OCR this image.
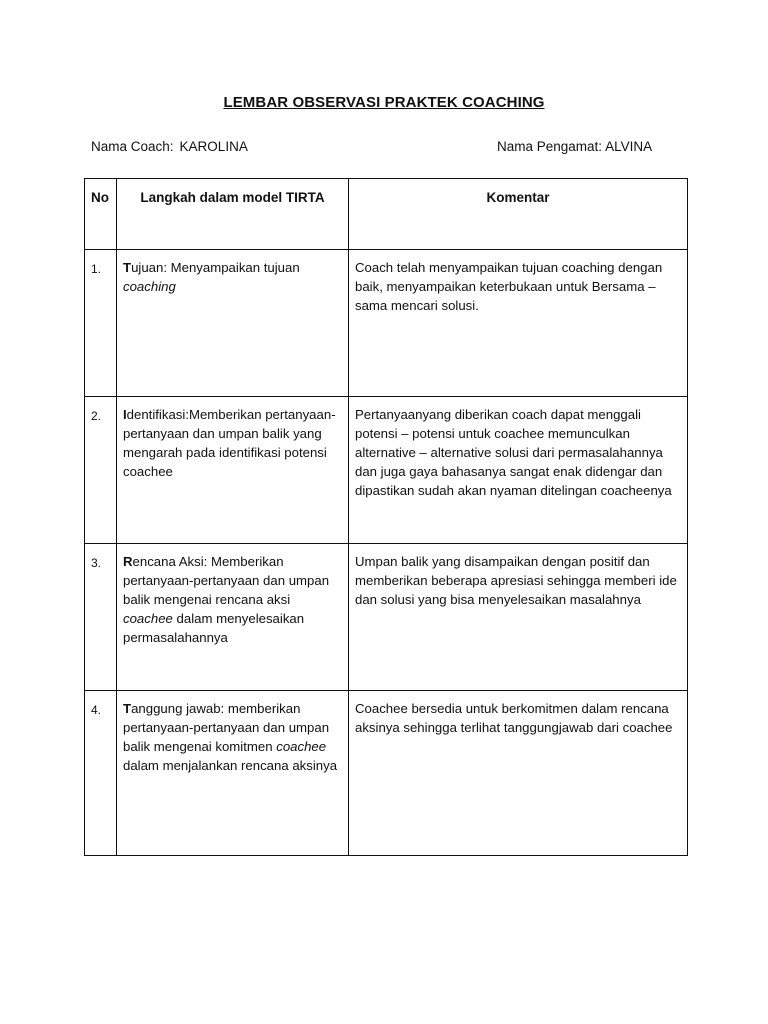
LEMBAR OBSERVASI PRAKTEK COACHING
Nama Coach: KAROLINA	Nama Pengamat: ALVINA
No	Langkah dalam model TIRTA	Komentar

1.	Tujuan: Menyampaikan tujuan coaching	Coach telah menyampaikan tujuan coaching dengan baik, menyampaikan keterbukaan untuk Bersama – sama mencari solusi.

2.	Identifikasi:Memberikan pertanyaan-pertanyaan dan umpan balik yang mengarah pada identifikasi potensi coachee	Pertanyaanyang diberikan coach dapat menggali potensi – potensi untuk coachee memunculkan alternative – alternative solusi dari permasalahannya dan juga gaya bahasanya sangat enak didengar dan dipastikan sudah akan nyaman ditelingan coacheenya

3.	Rencana Aksi: Memberikan pertanyaan-pertanyaan dan umpan balik mengenai rencana aksi coachee dalam menyelesaikan permasalahannya	Umpan balik yang disampaikan dengan positif dan memberikan beberapa apresiasi sehingga memberi ide dan solusi yang bisa menyelesaikan masalahnya

4.	Tanggung jawab: memberikan pertanyaan-pertanyaan dan umpan balik mengenai komitmen coachee dalam menjalankan rencana aksinya	Coachee bersedia untuk berkomitmen dalam rencana aksinya sehingga terlihat tanggungjawab dari coachee
